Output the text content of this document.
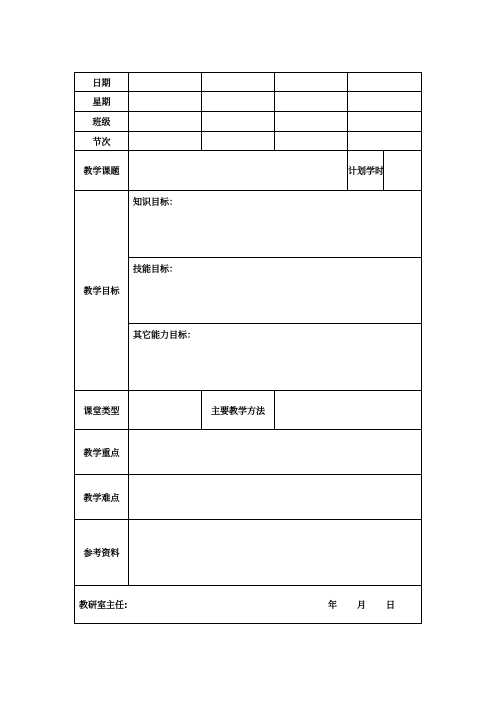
日期					
星期					
班级					
节次					
教学课题				计划学时	
教学目标	知识目标：				
	技能目标：				
	其它能力目标：				
课堂类型		主要教学方法			
教学重点					
教学难点					
参考资料					

教研室主任: 年 月 日					
